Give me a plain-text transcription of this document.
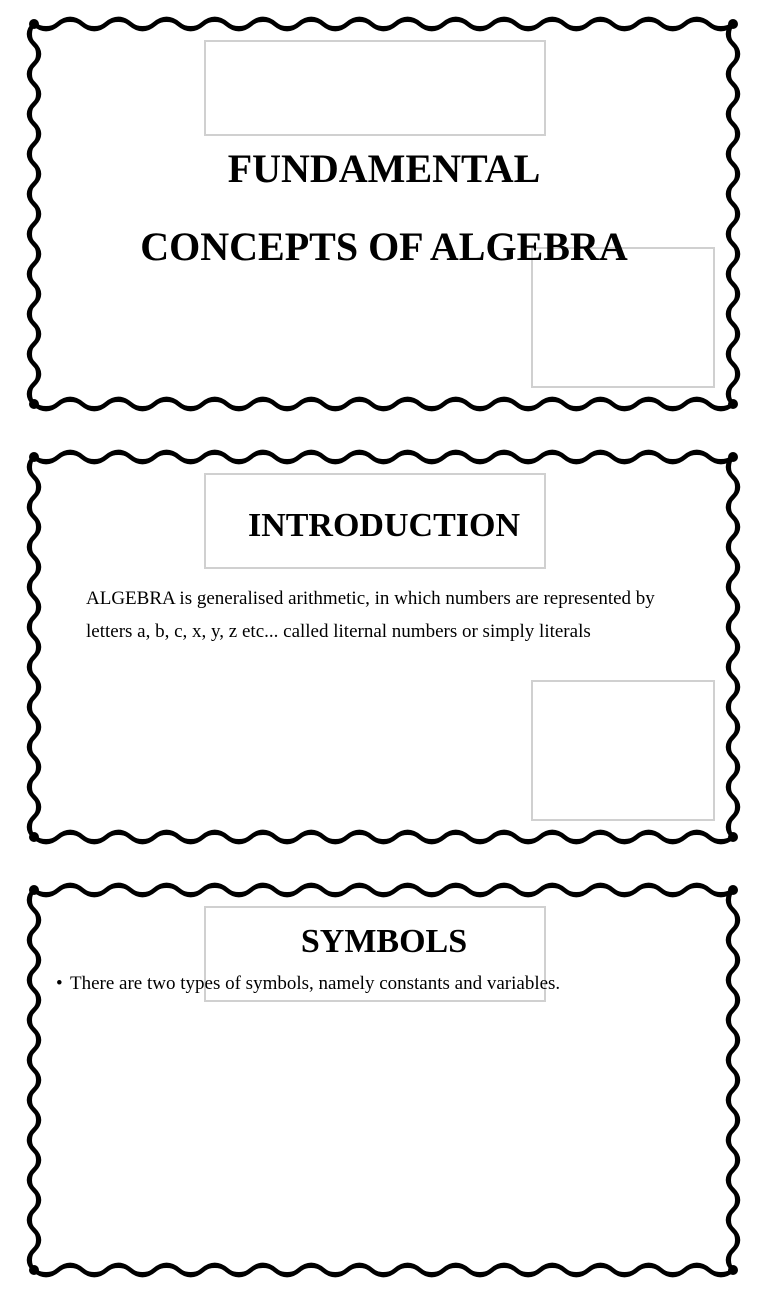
FUNDAMENTAL
CONCEPTS OF ALGEBRA
INTRODUCTION

ALGEBRA is generalised arithmetic, in which numbers are represented by letters a, b, c, x, y, z etc... called liternal numbers or simply literals

SYMBOLS

• There are two types of symbols, namely constants and variables.
